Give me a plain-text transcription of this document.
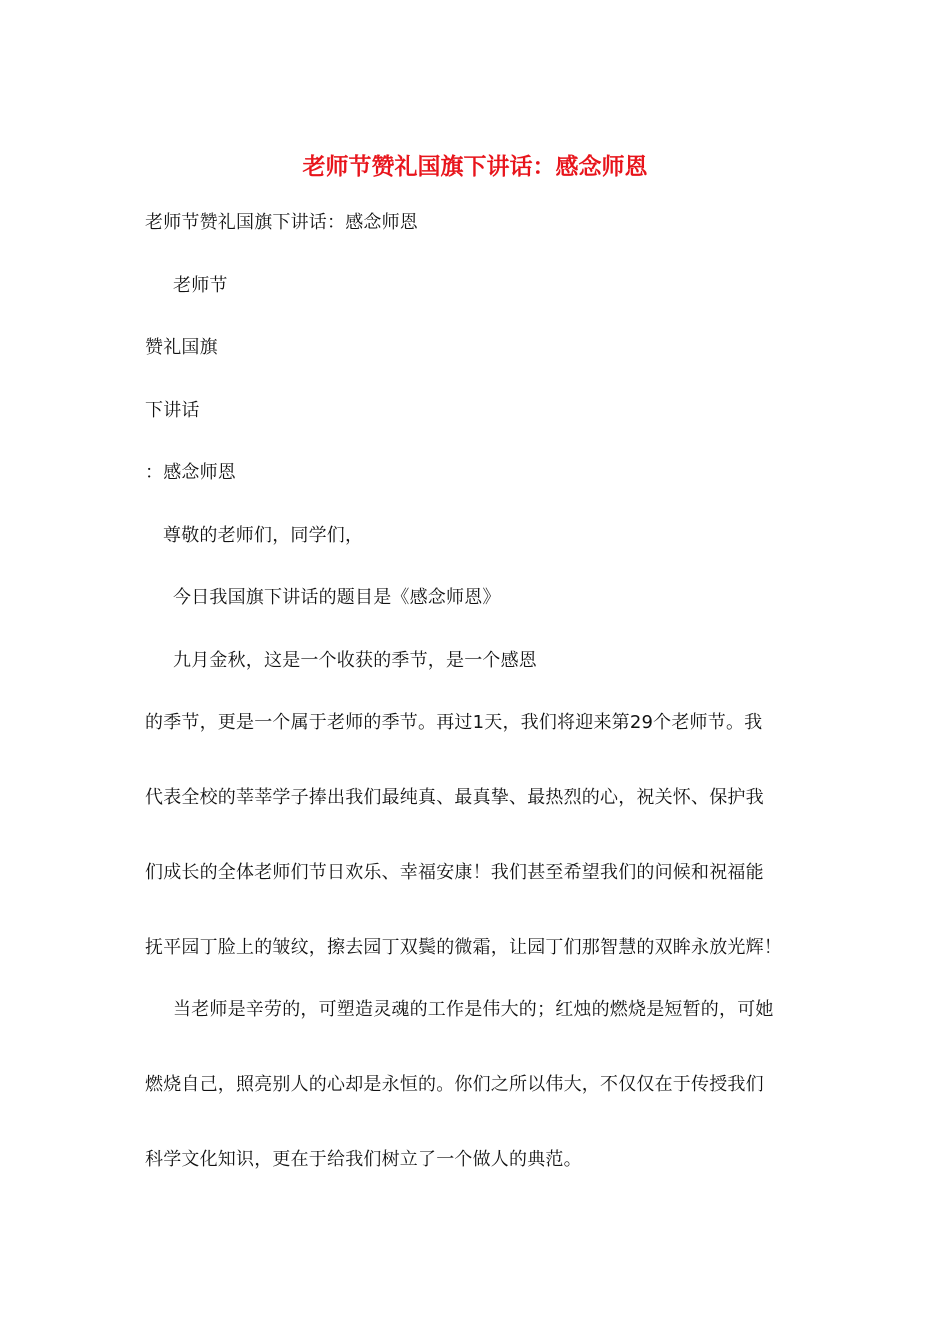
老师节赞礼国旗下讲话：感念师恩
老师节赞礼国旗下讲话：感念师恩
老师节
赞礼国旗
下讲话
：感念师恩
尊敬的老师们，同学们，
今日我国旗下讲话的题目是《感念师恩》
九月金秋，这是一个收获的季节，是一个感恩
的季节，更是一个属于老师的季节。再过1天，我们将迎来第29个老师节。我
代表全校的莘莘学子捧出我们最纯真、最真挚、最热烈的心，祝关怀、保护我
们成长的全体老师们节日欢乐、幸福安康！我们甚至希望我们的问候和祝福能
抚平园丁脸上的皱纹，擦去园丁双鬓的微霜，让园丁们那智慧的双眸永放光辉！
当老师是辛劳的，可塑造灵魂的工作是伟大的；红烛的燃烧是短暂的，可她
燃烧自己，照亮别人的心却是永恒的。你们之所以伟大，不仅仅在于传授我们
科学文化知识，更在于给我们树立了一个做人的典范。
